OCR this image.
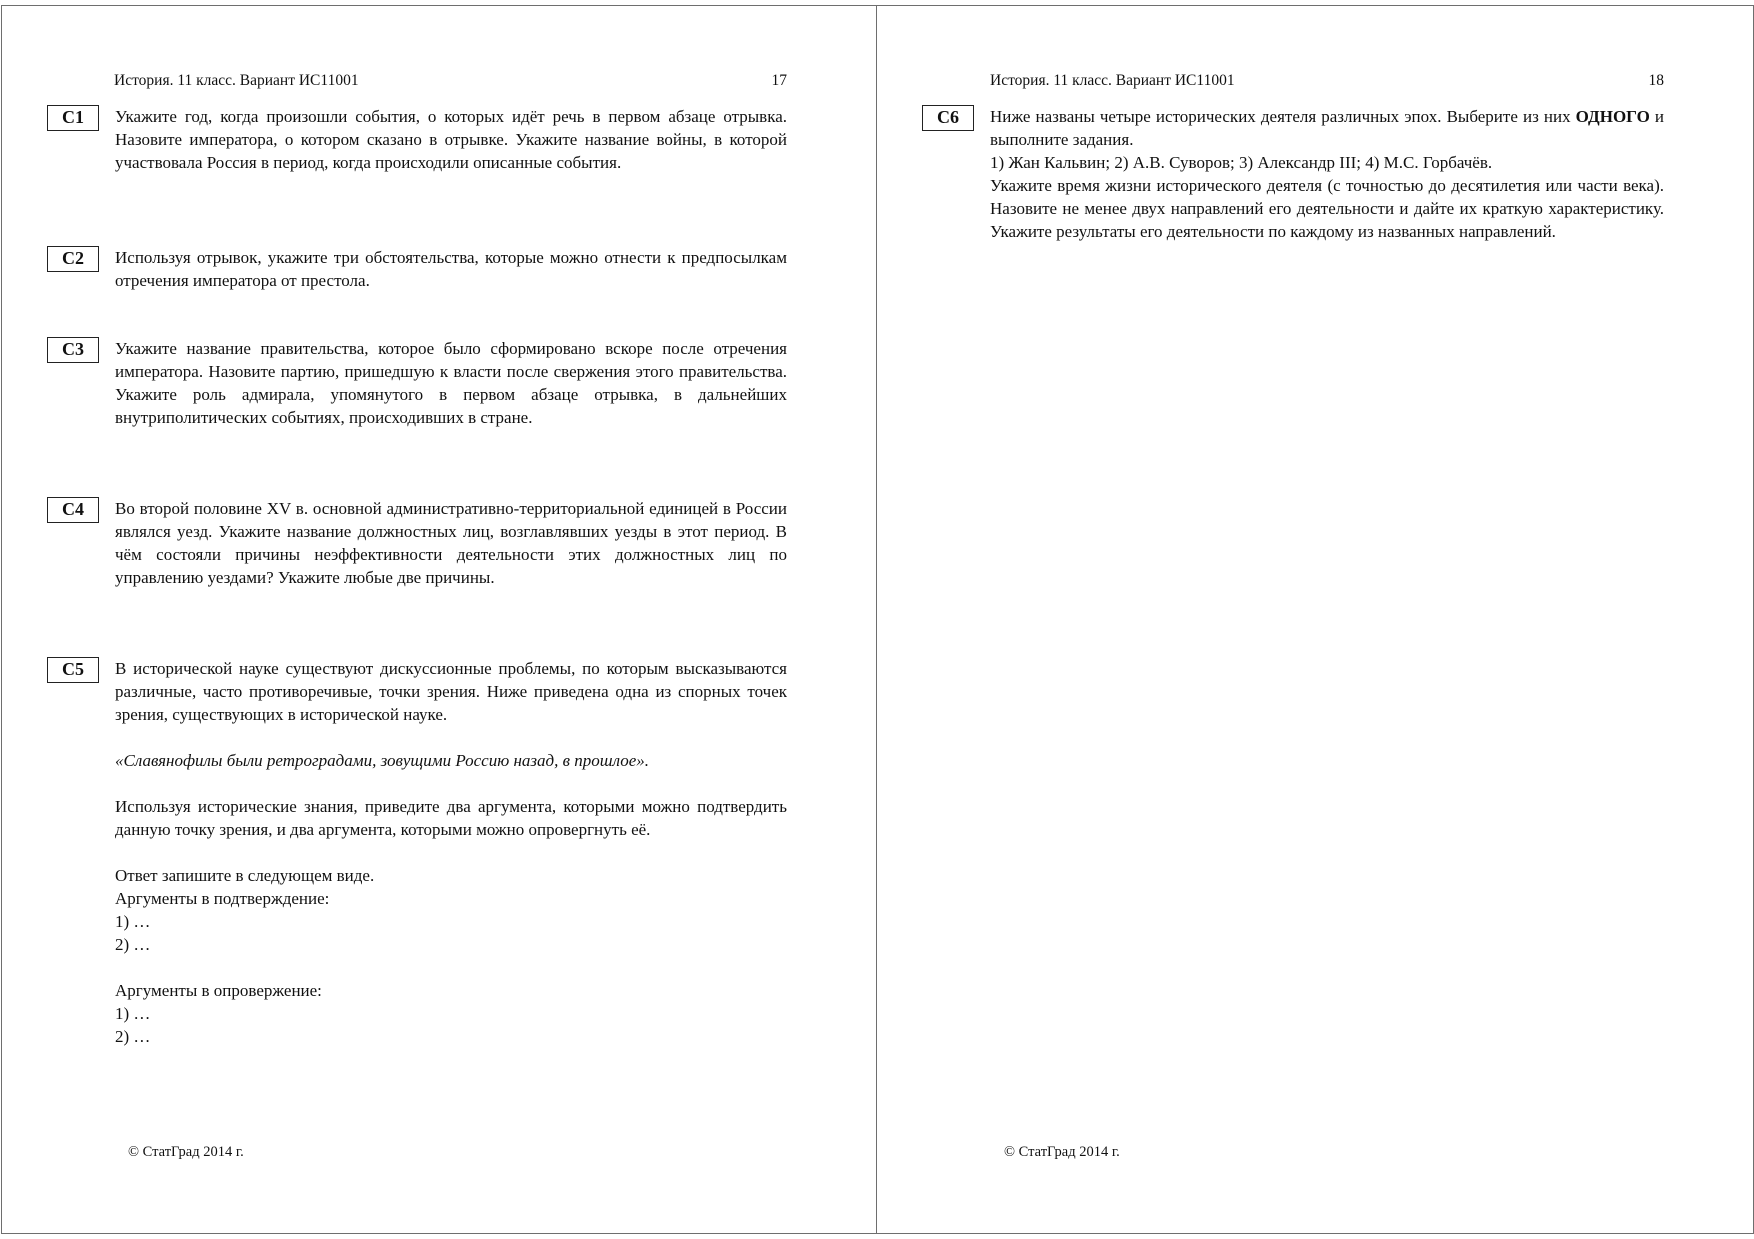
История. 11 класс. Вариант ИС11001	17
С1	Укажите год, когда произошли события, о которых идёт речь в первом абзаце отрывка. Назовите императора, о котором сказано в отрывке. Укажите название войны, в которой участвовала Россия в период, когда происходили описанные события.

С2	Используя отрывок, укажите три обстоятельства, которые можно отнести к предпосылкам отречения императора от престола.

С3	Укажите название правительства, которое было сформировано вскоре после отречения императора. Назовите партию, пришедшую к власти после свержения этого правительства. Укажите роль адмирала, упомянутого в первом абзаце отрывка, в дальнейших внутриполитических событиях, происходивших в стране.

С4	Во второй половине XV в. основной административно-территориальной единицей в России являлся уезд. Укажите название должностных лиц, возглавлявших уезды в этот период. В чём состояли причины неэффективности деятельности этих должностных лиц по управлению уездами? Укажите любые две причины.

С5	В исторической науке существуют дискуссионные проблемы, по которым высказываются различные, часто противоречивые, точки зрения. Ниже приведена одна из спорных точек зрения, существующих в исторической науке.

«Славянофилы были ретроградами, зовущими Россию назад, в прошлое».

Используя исторические знания, приведите два аргумента, которыми можно подтвердить данную точку зрения, и два аргумента, которыми можно опровергнуть её.

Ответ запишите в следующем виде.

Аргументы в подтверждение:

1) …

2) …

Аргументы в опровержение:

1) …

2) …

© СтатГрад 2014 г.
История. 11 класс. Вариант ИС11001	18
С6	Ниже названы четыре исторических деятеля различных эпох. Выберите из них ОДНОГО и выполните задания.

1) Жан Кальвин; 2) А.В. Суворов; 3) Александр III; 4) М.С. Горбачёв.

Укажите время жизни исторического деятеля (с точностью до десятилетия или части века). Назовите не менее двух направлений его деятельности и дайте их краткую характеристику. Укажите результаты его деятельности по каждому из названных направлений.

© СтатГрад 2014 г.
